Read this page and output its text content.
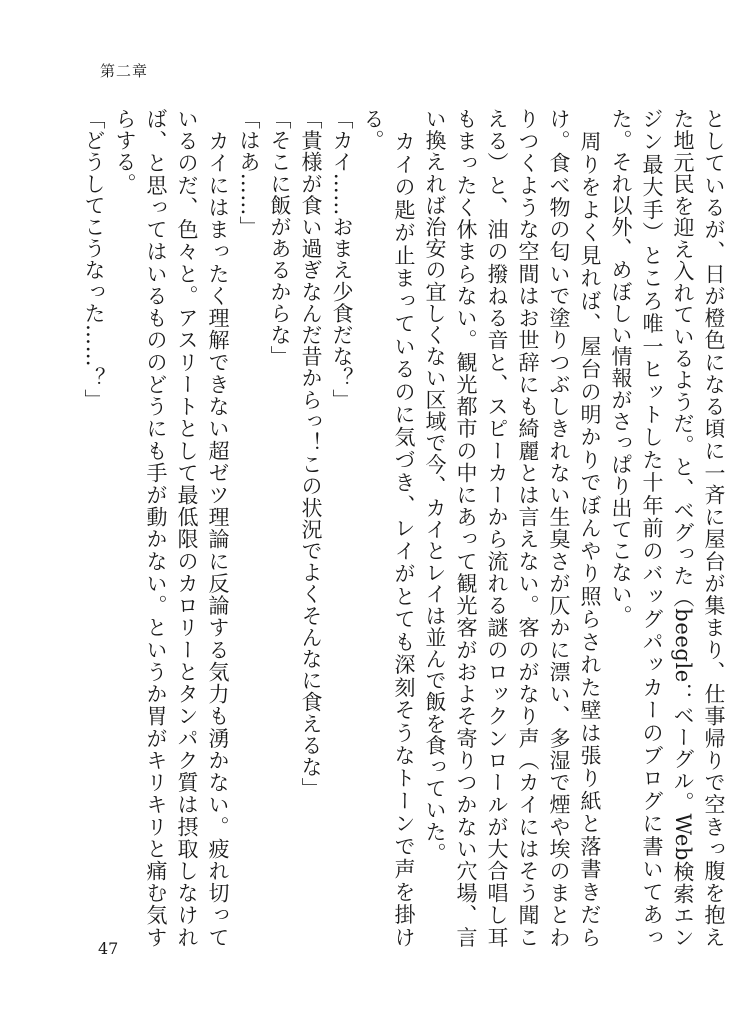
第二章

としているが、日が橙色になる頃に一斉に屋台が集まり、仕事帰りで空きっ腹を抱えた地元民を迎え入れているようだ。と、ベグった（beegle：ベーグル。Web検索エンジン最大手）ところ唯一ヒットした十年前のバッグパッカーのブログに書いてあった。それ以外、めぼしい情報がさっぱり出てこない。

　周りをよく見れば、屋台の明かりでぼんやり照らされた壁は張り紙と落書きだらけ。食べ物の匂いで塗りつぶしきれない生臭さが仄かに漂い、多湿で煙や埃のまとわりつくような空間はお世辞にも綺麗とは言えない。客のがなり声（カイにはそう聞こえる）と、油の撥ねる音と、スピーカーから流れる謎のロックンロールが大合唱し耳もまったく休まらない。観光都市の中にあって観光客がおよそ寄りつかない穴場、言い換えれば治安の宜しくない区域で今、カイとレイは並んで飯を食っていた。

　カイの匙が止まっているのに気づき、レイがとても深刻そうなトーンで声を掛ける。

「カイ……おまえ少食だな？」

「貴様が食い過ぎなんだ昔からっ！この状況でよくそんなに食えるな」

「そこに飯があるからな」

「はあ……」

　カイにはまったく理解できない超ゼツ理論に反論する気力も湧かない。疲れ切っているのだ、色々と。アスリートとして最低限のカロリーとタンパク質は摂取しなければ、と思ってはいるもののどうにも手が動かない。というか胃がキリキリと痛む気すらする。

「どうしてこうなった……？」

47
